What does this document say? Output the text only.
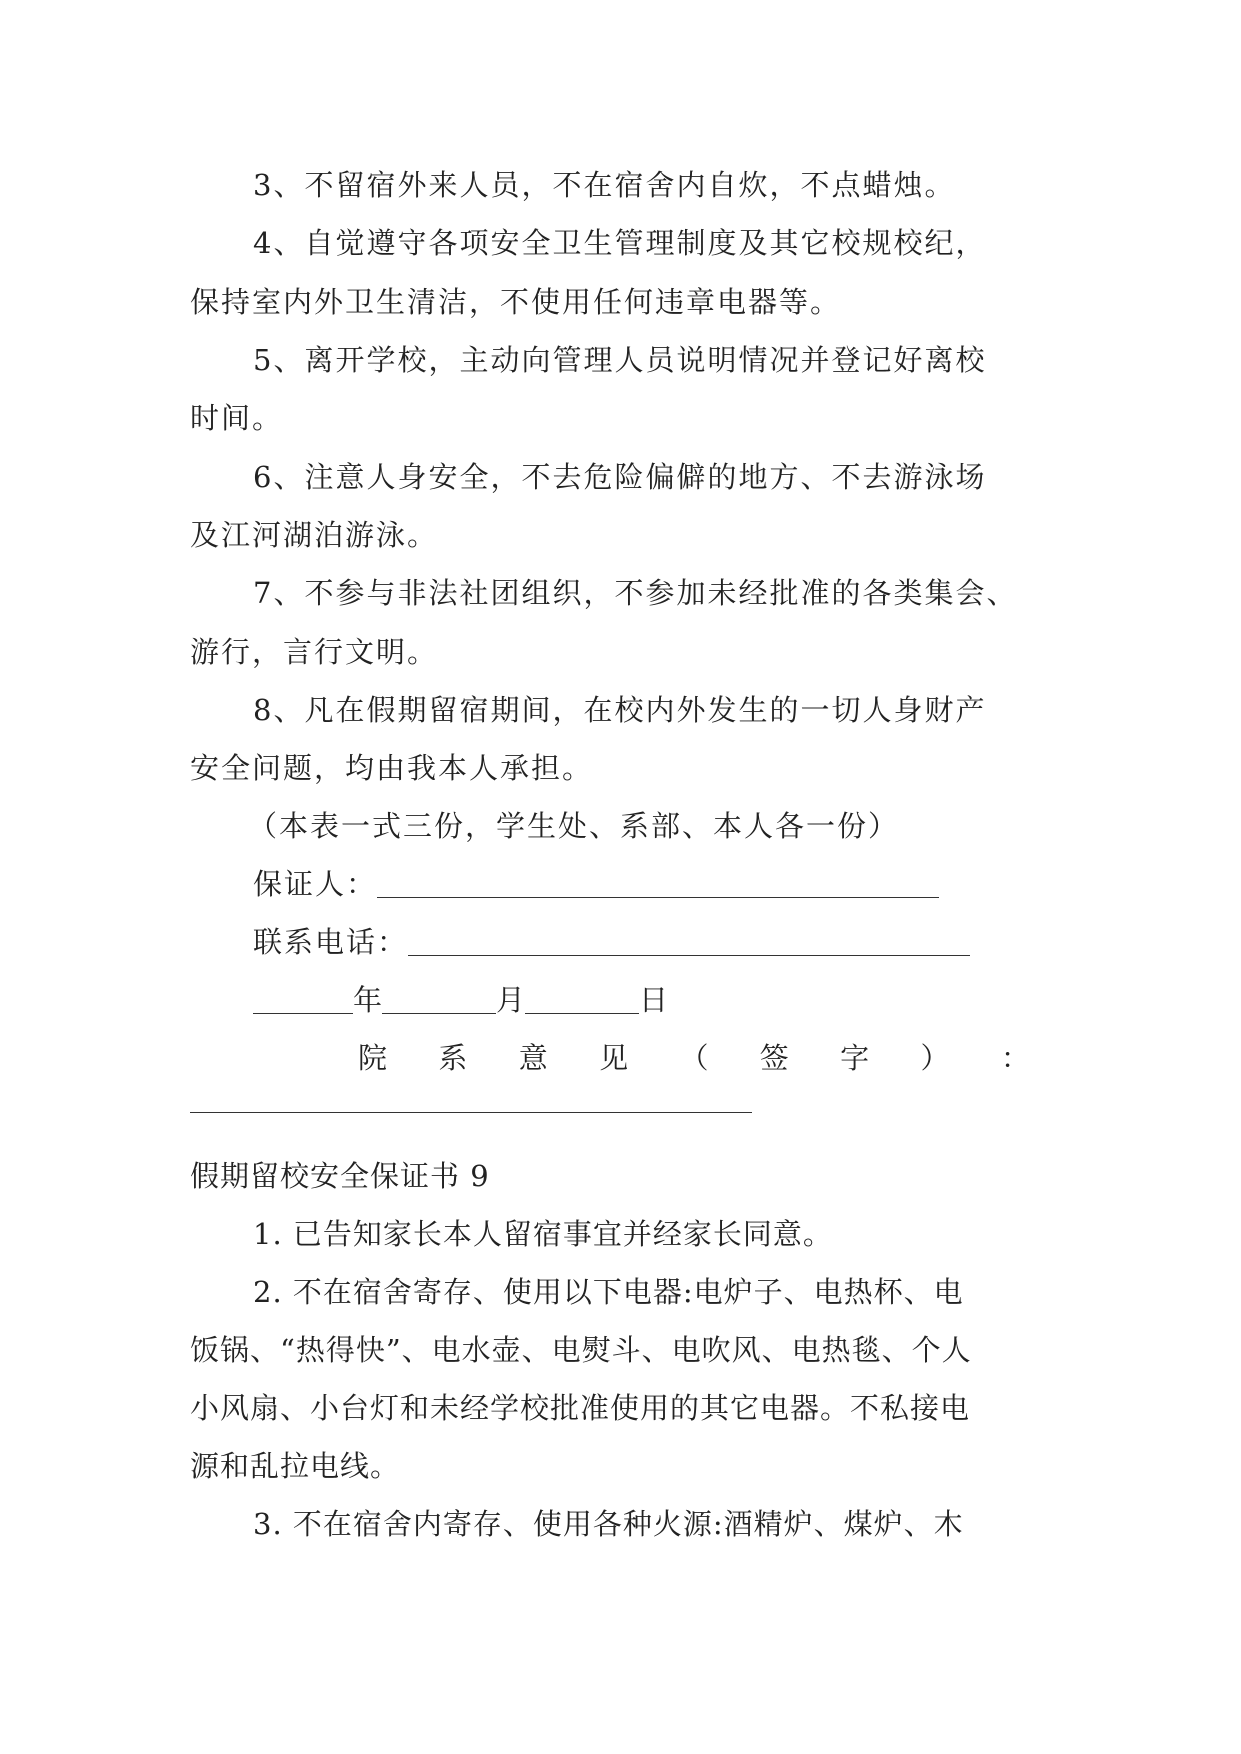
3、不留宿外来人员，不在宿舍内自炊，不点蜡烛。
4、自觉遵守各项安全卫生管理制度及其它校规校纪，
保持室内外卫生清洁，不使用任何违章电器等。
5、离开学校，主动向管理人员说明情况并登记好离校
时间。
6、注意人身安全，不去危险偏僻的地方、不去游泳场
及江河湖泊游泳。
7、不参与非法社团组织，不参加未经批准的各类集会、
游行，言行文明。
8、凡在假期留宿期间，在校内外发生的一切人身财产
安全问题，均由我本人承担。
（本表一式三份，学生处、系部、本人各一份）
保证人：
联系电话：
年	月	日
院 系 意 见 （ 签 字 ） ：
假期留校安全保证书 9
1. 已告知家长本人留宿事宜并经家长同意。
2. 不在宿舍寄存、使用以下电器:电炉子、电热杯、电
饭锅、“热得快”、电水壶、电熨斗、电吹风、电热毯、个人
小风扇、小台灯和未经学校批准使用的其它电器。不私接电
源和乱拉电线。
3. 不在宿舍内寄存、使用各种火源:酒精炉、煤炉、木
